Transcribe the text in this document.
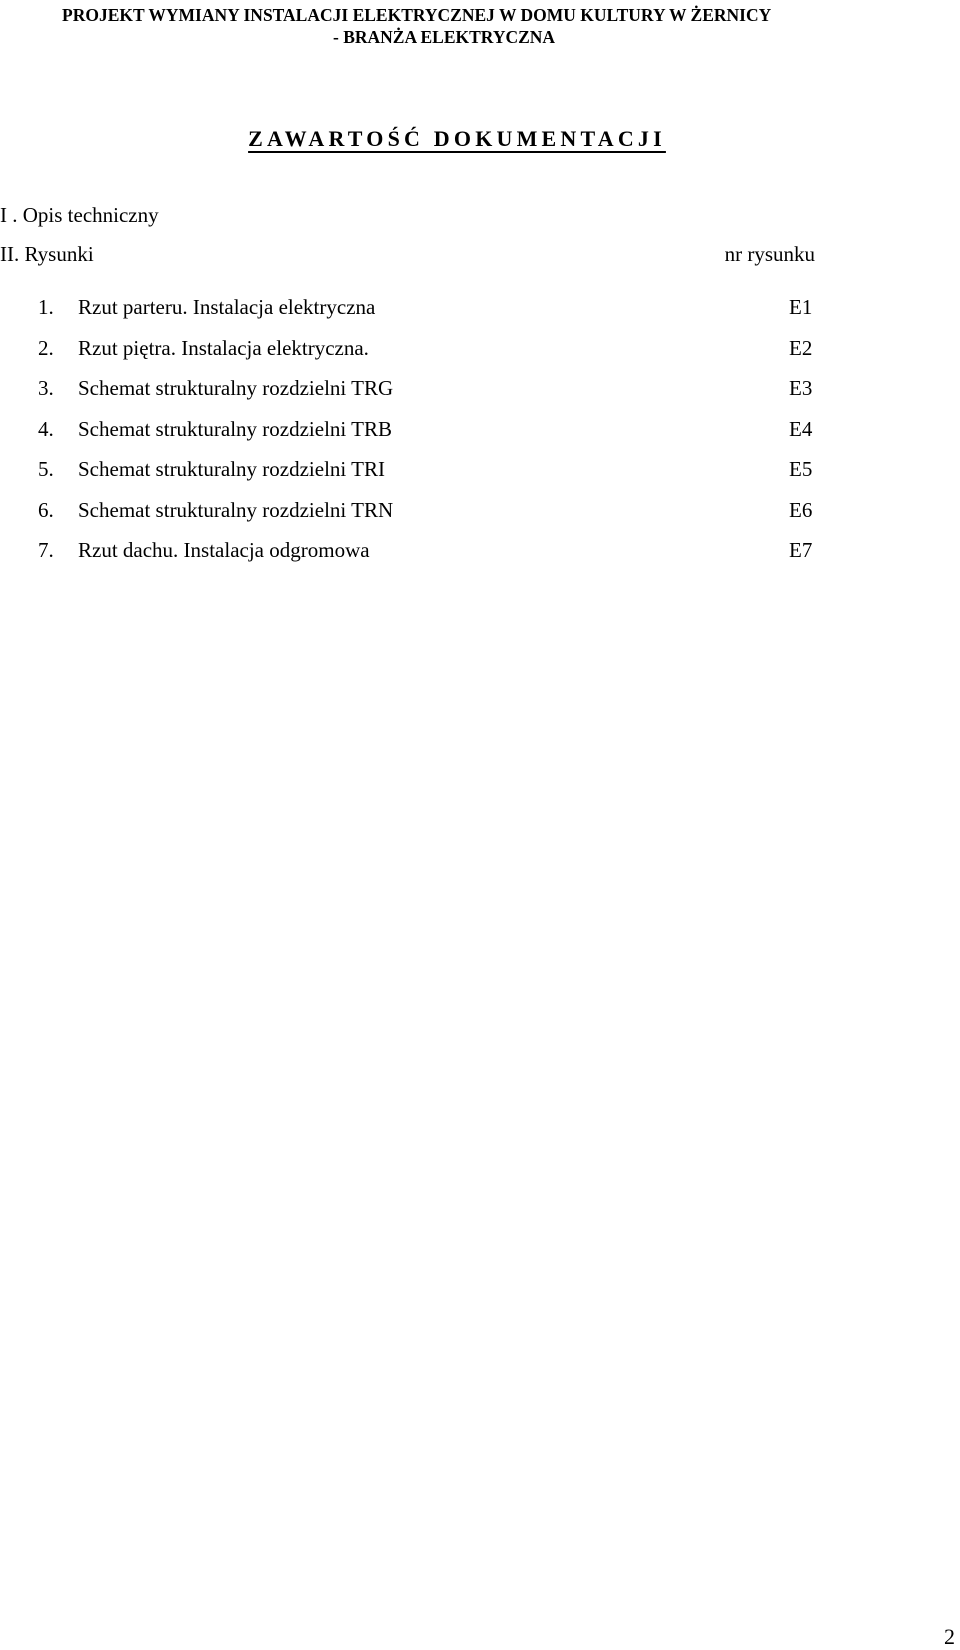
PROJEKT WYMIANY INSTALACJI ELEKTRYCZNEJ W DOMU KULTURY W ŻERNICY
- BRANŻA ELEKTRYCZNA
ZAWARTOŚĆ DOKUMENTACJI
I . Opis techniczny
II. Rysunki	nr rysunku
1. Rzut parteru. Instalacja elektryczna	E1
2. Rzut piętra. Instalacja elektryczna.	E2
3. Schemat strukturalny rozdzielni TRG	E3
4. Schemat strukturalny rozdzielni TRB	E4
5. Schemat strukturalny rozdzielni TRI	E5
6. Schemat strukturalny rozdzielni TRN	E6
7. Rzut dachu. Instalacja odgromowa	E7
2
